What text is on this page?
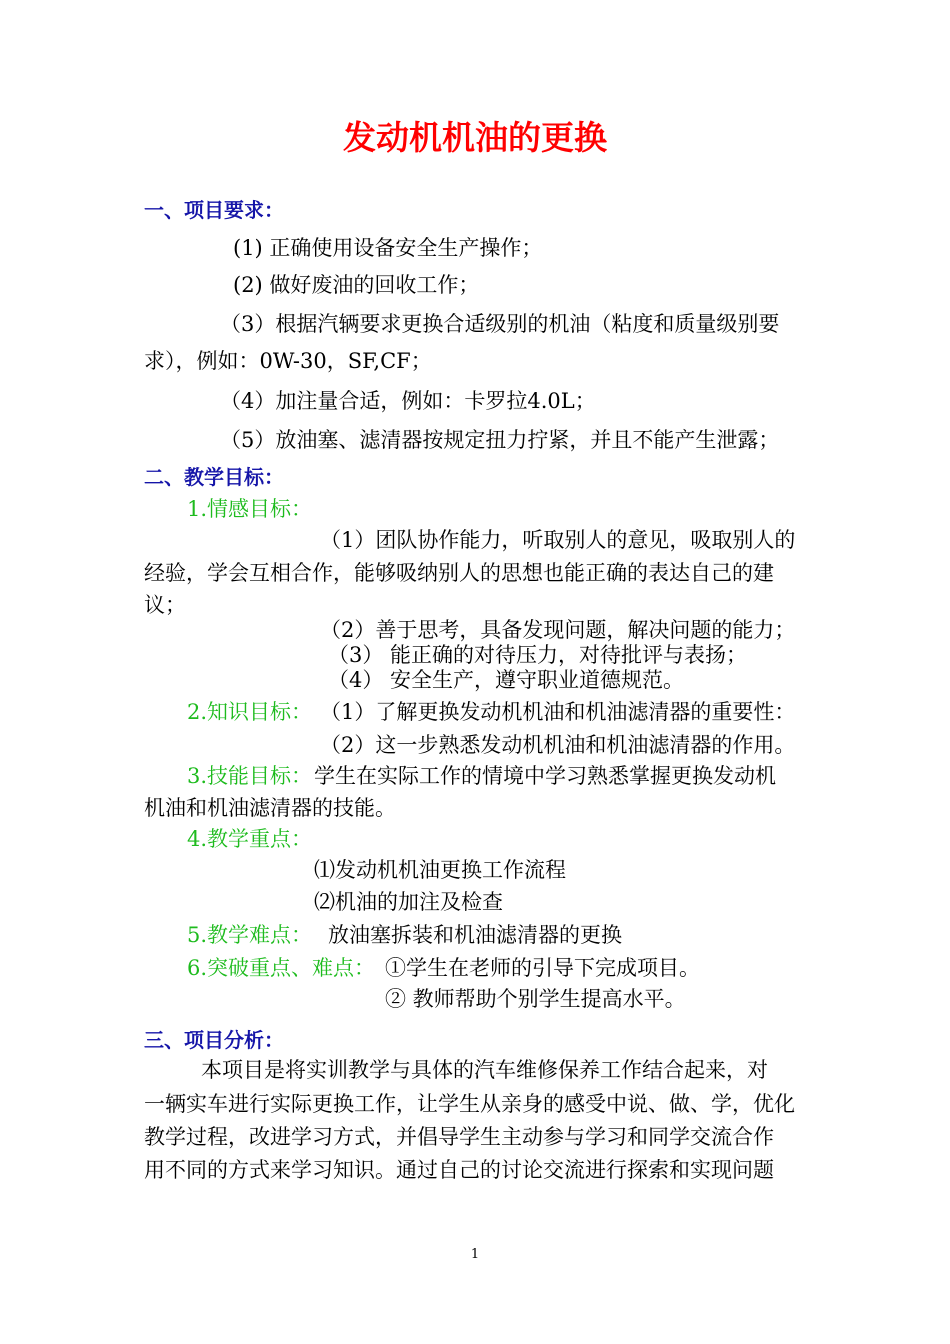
发动机机油的更换
一、项目要求：
(1) 正确使用设备安全生产操作；
(2) 做好废油的回收工作；
（3）根据汽辆要求更换合适级别的机油（粘度和质量级别要
求），例如：0W-30，SF,CF；
（4）加注量合适，例如：卡罗拉4.0L；
（5）放油塞、滤清器按规定扭力拧紧，并且不能产生泄露；
二、教学目标：
1.情感目标：
（1）团队协作能力，听取别人的意见，吸取别人的
经验，学会互相合作，能够吸纳别人的思想也能正确的表达自己的建
议；
（2）善于思考，具备发现问题，解决问题的能力；
（3） 能正确的对待压力，对待批评与表扬；
（4） 安全生产，遵守职业道德规范。
2.知识目标： （1）了解更换发动机机油和机油滤清器的重要性：
（2）这一步熟悉发动机机油和机油滤清器的作用。
3.技能目标： 学生在实际工作的情境中学习熟悉掌握更换发动机
机油和机油滤清器的技能。
4.教学重点：
⑴发动机机油更换工作流程
⑵机油的加注及检查
5.教学难点： 放油塞拆装和机油滤清器的更换
6.突破重点、难点： ①学生在老师的引导下完成项目。
② 教师帮助个别学生提高水平。
三、项目分析：
本项目是将实训教学与具体的汽车维修保养工作结合起来，对
一辆实车进行实际更换工作，让学生从亲身的感受中说、做、学，优化
教学过程，改进学习方式，并倡导学生主动参与学习和同学交流合作
用不同的方式来学习知识。通过自己的讨论交流进行探索和实现问题
1
